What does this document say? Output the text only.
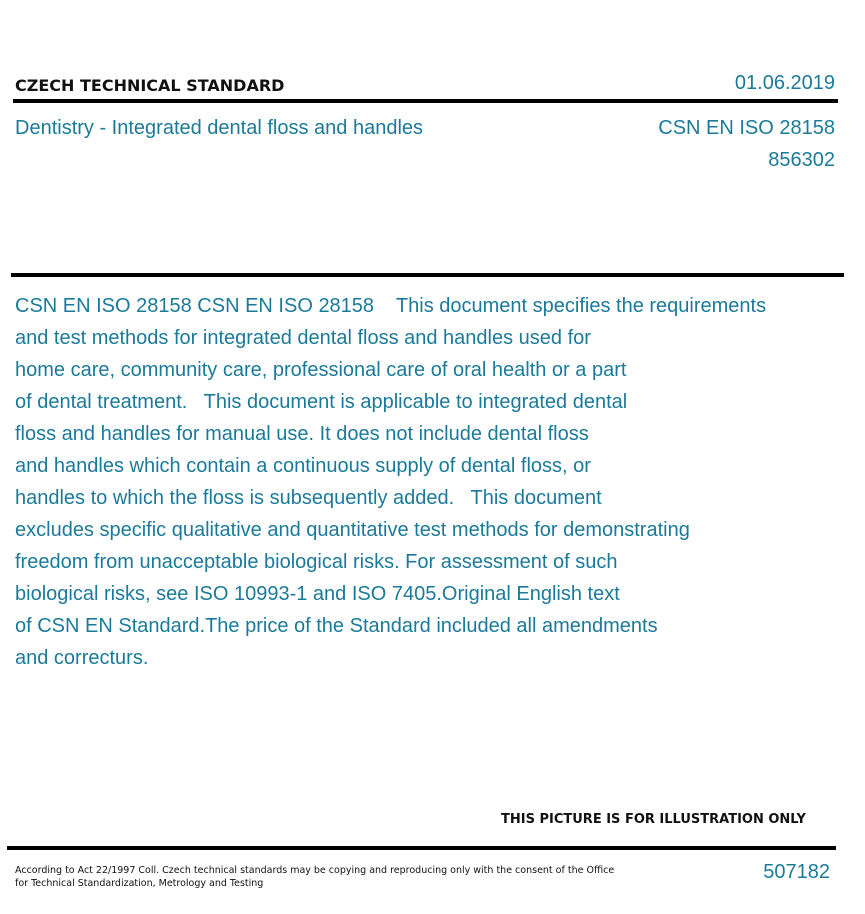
CZECH TECHNICAL STANDARD	01.06.2019
Dentistry - Integrated dental floss and handles	CSN EN ISO 28158
856302
CSN EN ISO 28158 CSN EN ISO 28158    This document specifies the requirements
and test methods for integrated dental floss and handles used for
home care, community care, professional care of oral health or a part
of dental treatment.   This document is applicable to integrated dental
floss and handles for manual use. It does not include dental floss
and handles which contain a continuous supply of dental floss, or
handles to which the floss is subsequently added.   This document
excludes specific qualitative and quantitative test methods for demonstrating
freedom from unacceptable biological risks. For assessment of such
biological risks, see ISO 10993-1 and ISO 7405.Original English text
of CSN EN Standard.The price of the Standard included all amendments
and correcturs.
THIS PICTURE IS FOR ILLUSTRATION ONLY
According to Act 22/1997 Coll. Czech technical standards may be copying and reproducing only with the consent of the Office
for Technical Standardization, Metrology and Testing
507182
